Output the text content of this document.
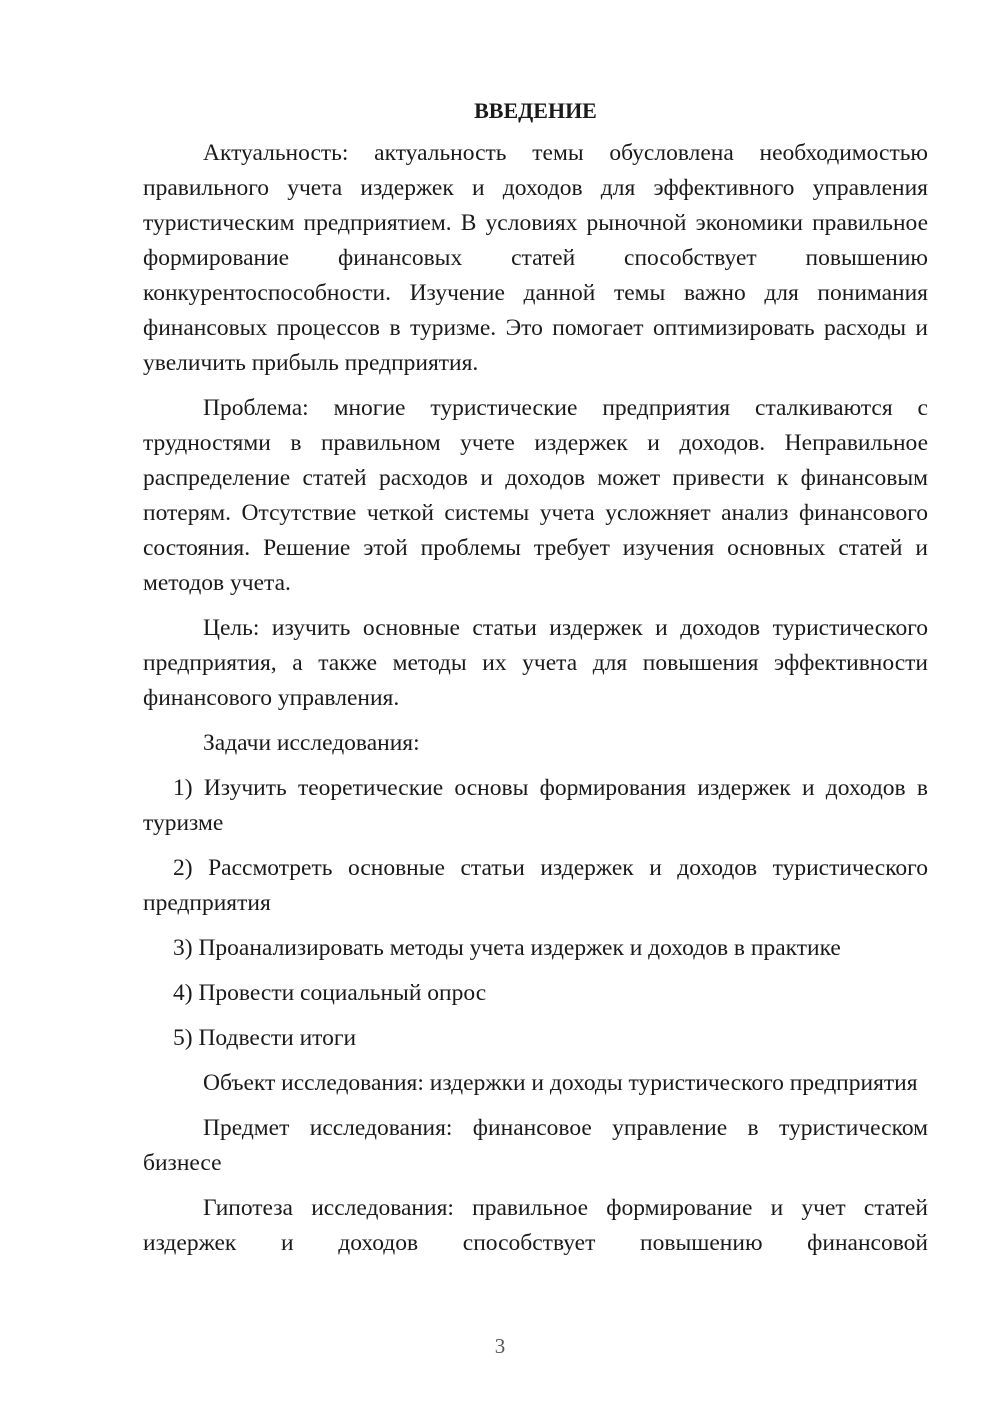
ВВЕДЕНИЕ

Актуальность: актуальность темы обусловлена необходимостью правильного учета издержек и доходов для эффективного управления туристическим предприятием. В условиях рыночной экономики правильное формирование финансовых статей способствует повышению конкурентоспособности. Изучение данной темы важно для понимания финансовых процессов в туризме. Это помогает оптимизировать расходы и увеличить прибыль предприятия.

Проблема: многие туристические предприятия сталкиваются с трудностями в правильном учете издержек и доходов. Неправильное распределение статей расходов и доходов может привести к финансовым потерям. Отсутствие четкой системы учета усложняет анализ финансового состояния. Решение этой проблемы требует изучения основных статей и методов учета.

Цель: изучить основные статьи издержек и доходов туристического предприятия, а также методы их учета для повышения эффективности финансового управления.

Задачи исследования:

1) Изучить теоретические основы формирования издержек и доходов в туризме

2) Рассмотреть основные статьи издержек и доходов туристического предприятия

3) Проанализировать методы учета издержек и доходов в практике

4) Провести социальный опрос

5) Подвести итоги

Объект исследования: издержки и доходы туристического предприятия

Предмет исследования: финансовое управление в туристическом бизнесе

Гипотеза исследования: правильное формирование и учет статей издержек и доходов способствует повышению финансовой

3
